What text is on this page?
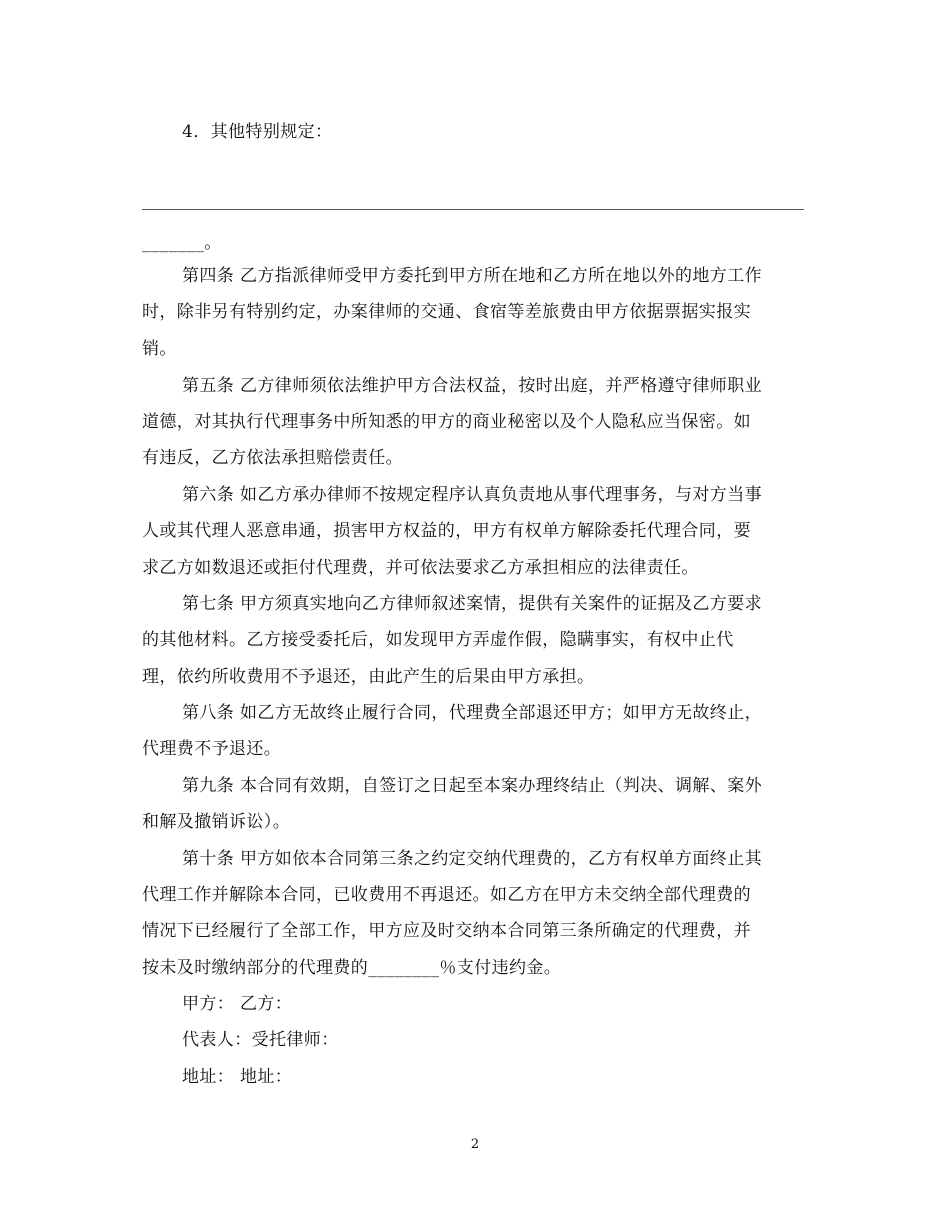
4．其他特别规定：
_______。
第四条 乙方指派律师受甲方委托到甲方所在地和乙方所在地以外的地方工作
时，除非另有特别约定，办案律师的交通、食宿等差旅费由甲方依据票据实报实
销。
第五条 乙方律师须依法维护甲方合法权益，按时出庭，并严格遵守律师职业
道德，对其执行代理事务中所知悉的甲方的商业秘密以及个人隐私应当保密。如
有违反，乙方依法承担赔偿责任。
第六条 如乙方承办律师不按规定程序认真负责地从事代理事务，与对方当事
人或其代理人恶意串通，损害甲方权益的，甲方有权单方解除委托代理合同，要
求乙方如数退还或拒付代理费，并可依法要求乙方承担相应的法律责任。
第七条 甲方须真实地向乙方律师叙述案情，提供有关案件的证据及乙方要求
的其他材料。乙方接受委托后，如发现甲方弄虚作假，隐瞒事实，有权中止代
理，依约所收费用不予退还，由此产生的后果由甲方承担。
第八条 如乙方无故终止履行合同，代理费全部退还甲方；如甲方无故终止，
代理费不予退还。
第九条 本合同有效期，自签订之日起至本案办理终结止（判决、调解、案外
和解及撤销诉讼）。
第十条 甲方如依本合同第三条之约定交纳代理费的，乙方有权单方面终止其
代理工作并解除本合同，已收费用不再退还。如乙方在甲方未交纳全部代理费的
情况下已经履行了全部工作，甲方应及时交纳本合同第三条所确定的代理费，并
按未及时缴纳部分的代理费的________％支付违约金。
甲方： 乙方：
代表人：受托律师：
地址： 地址：
2
